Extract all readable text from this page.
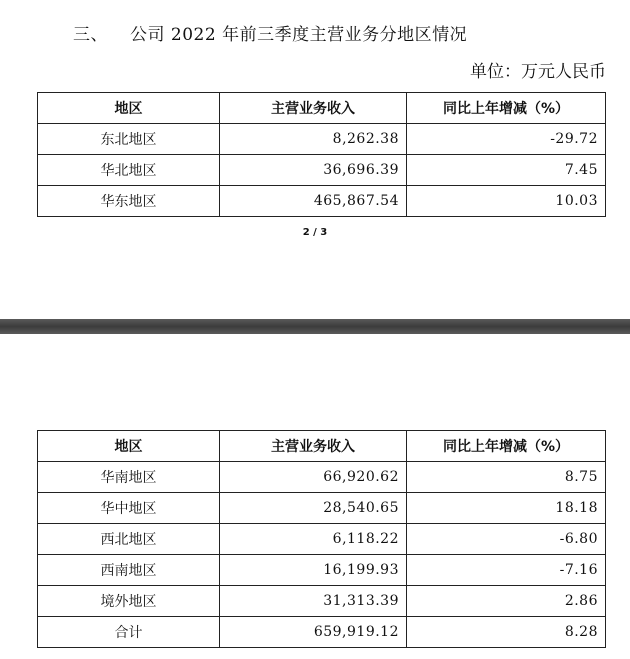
三、 公司 2022 年前三季度主营业务分地区情况
单位：万元人民币
地区	主营业务收入	同比上年增减（%）
东北地区	8,262.38	-29.72
华北地区	36,696.39	7.45
华东地区	465,867.54	10.03
2 / 3
地区	主营业务收入	同比上年增减（%）
华南地区	66,920.62	8.75
华中地区	28,540.65	18.18
西北地区	6,118.22	-6.80
西南地区	16,199.93	-7.16
境外地区	31,313.39	2.86
合计	659,919.12	8.28
